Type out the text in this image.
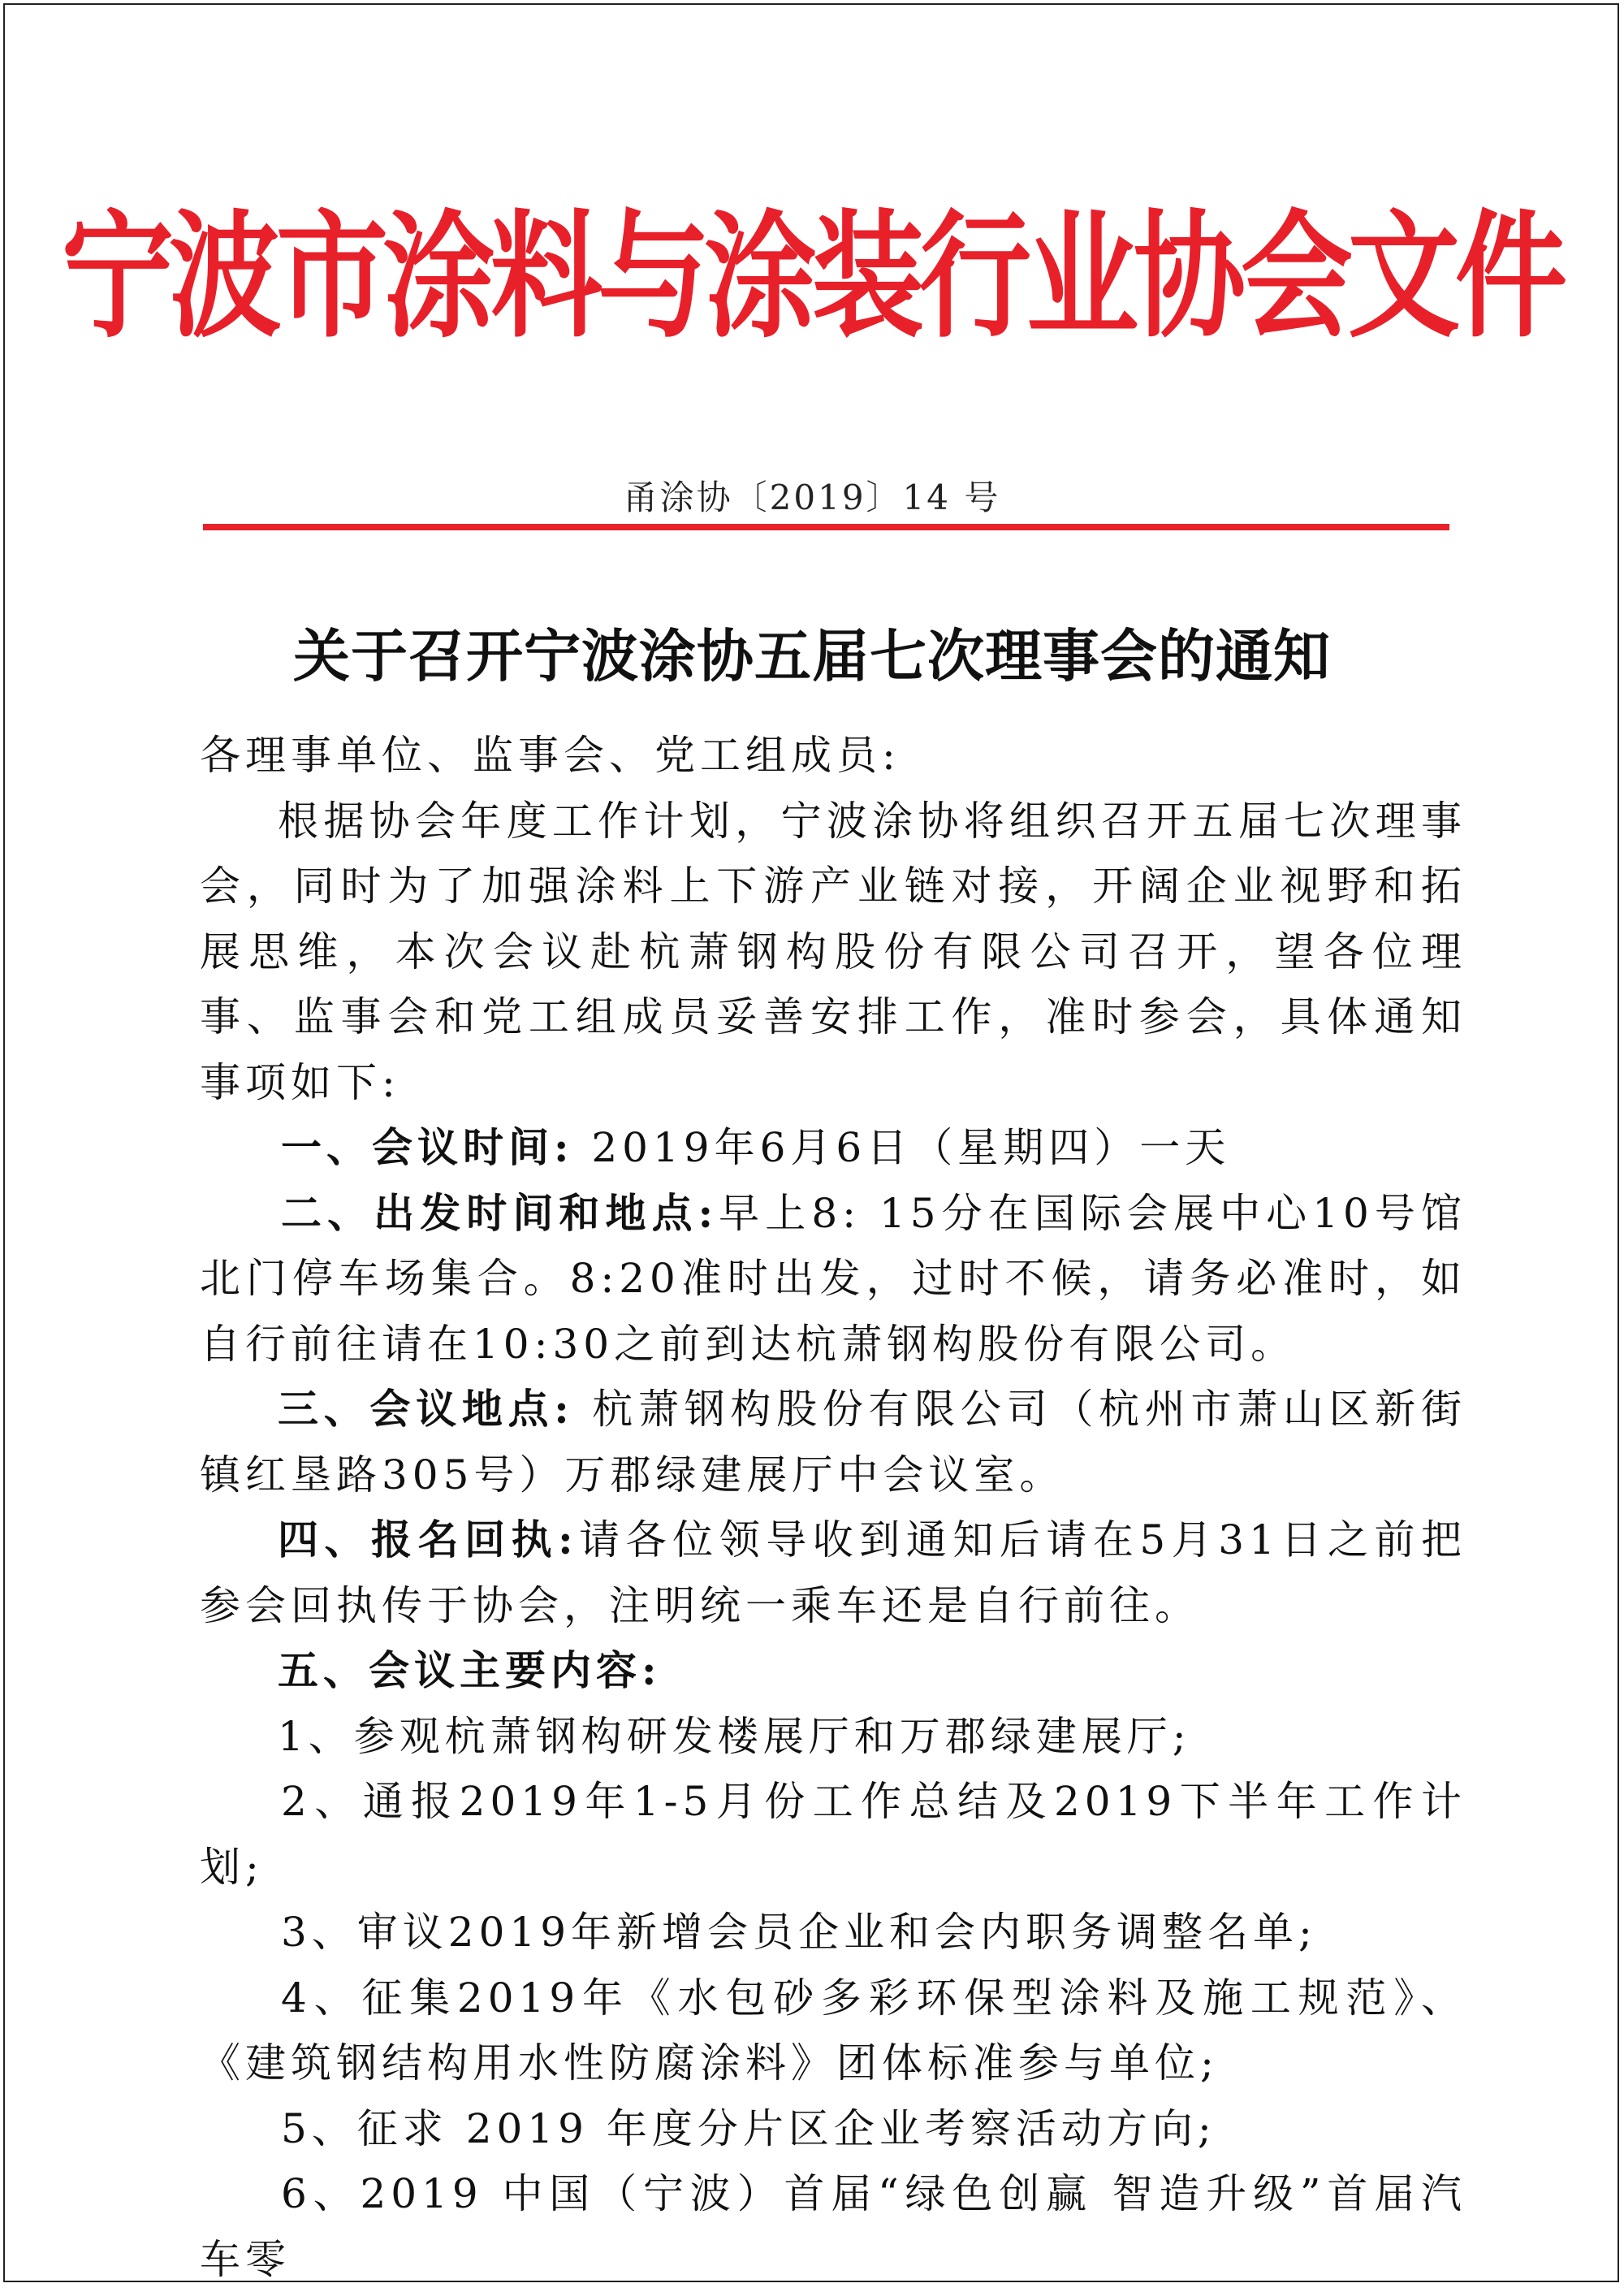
宁波市涂料与涂装行业协会文件
甬涂协〔2019〕14 号
关于召开宁波涂协五届七次理事会的通知

各理事单位、监事会、党工组成员:

根据协会年度工作计划，宁波涂协将组织召开五届七次理事会，同时为了加强涂料上下游产业链对接，开阔企业视野和拓展思维，本次会议赴杭萧钢构股份有限公司召开，望各位理事、监事会和党工组成员妥善安排工作，准时参会，具体通知事项如下:

一、会议时间: 2019年6月6日（星期四）一天

二、出发时间和地点:早上8: 15分在国际会展中心10号馆北门停车场集合。8:20准时出发，过时不候，请务必准时，如自行前往请在10:30之前到达杭萧钢构股份有限公司。

三、会议地点: 杭萧钢构股份有限公司（杭州市萧山区新街镇红垦路305号）万郡绿建展厅中会议室。

四、报名回执:请各位领导收到通知后请在5月31日之前把参会回执传于协会，注明统一乘车还是自行前往。

五、会议主要内容:

1、参观杭萧钢构研发楼展厅和万郡绿建展厅;

2、通报2019年1-5月份工作总结及2019下半年工作计划;

3、审议2019年新增会员企业和会内职务调整名单;

4、征集2019年《水包砂多彩环保型涂料及施工规范》、《建筑钢结构用水性防腐涂料》团体标准参与单位;

5、征求 2019 年度分片区企业考察活动方向;

6、2019 中国（宁波）首届“绿色创赢 智造升级”首届汽车零
